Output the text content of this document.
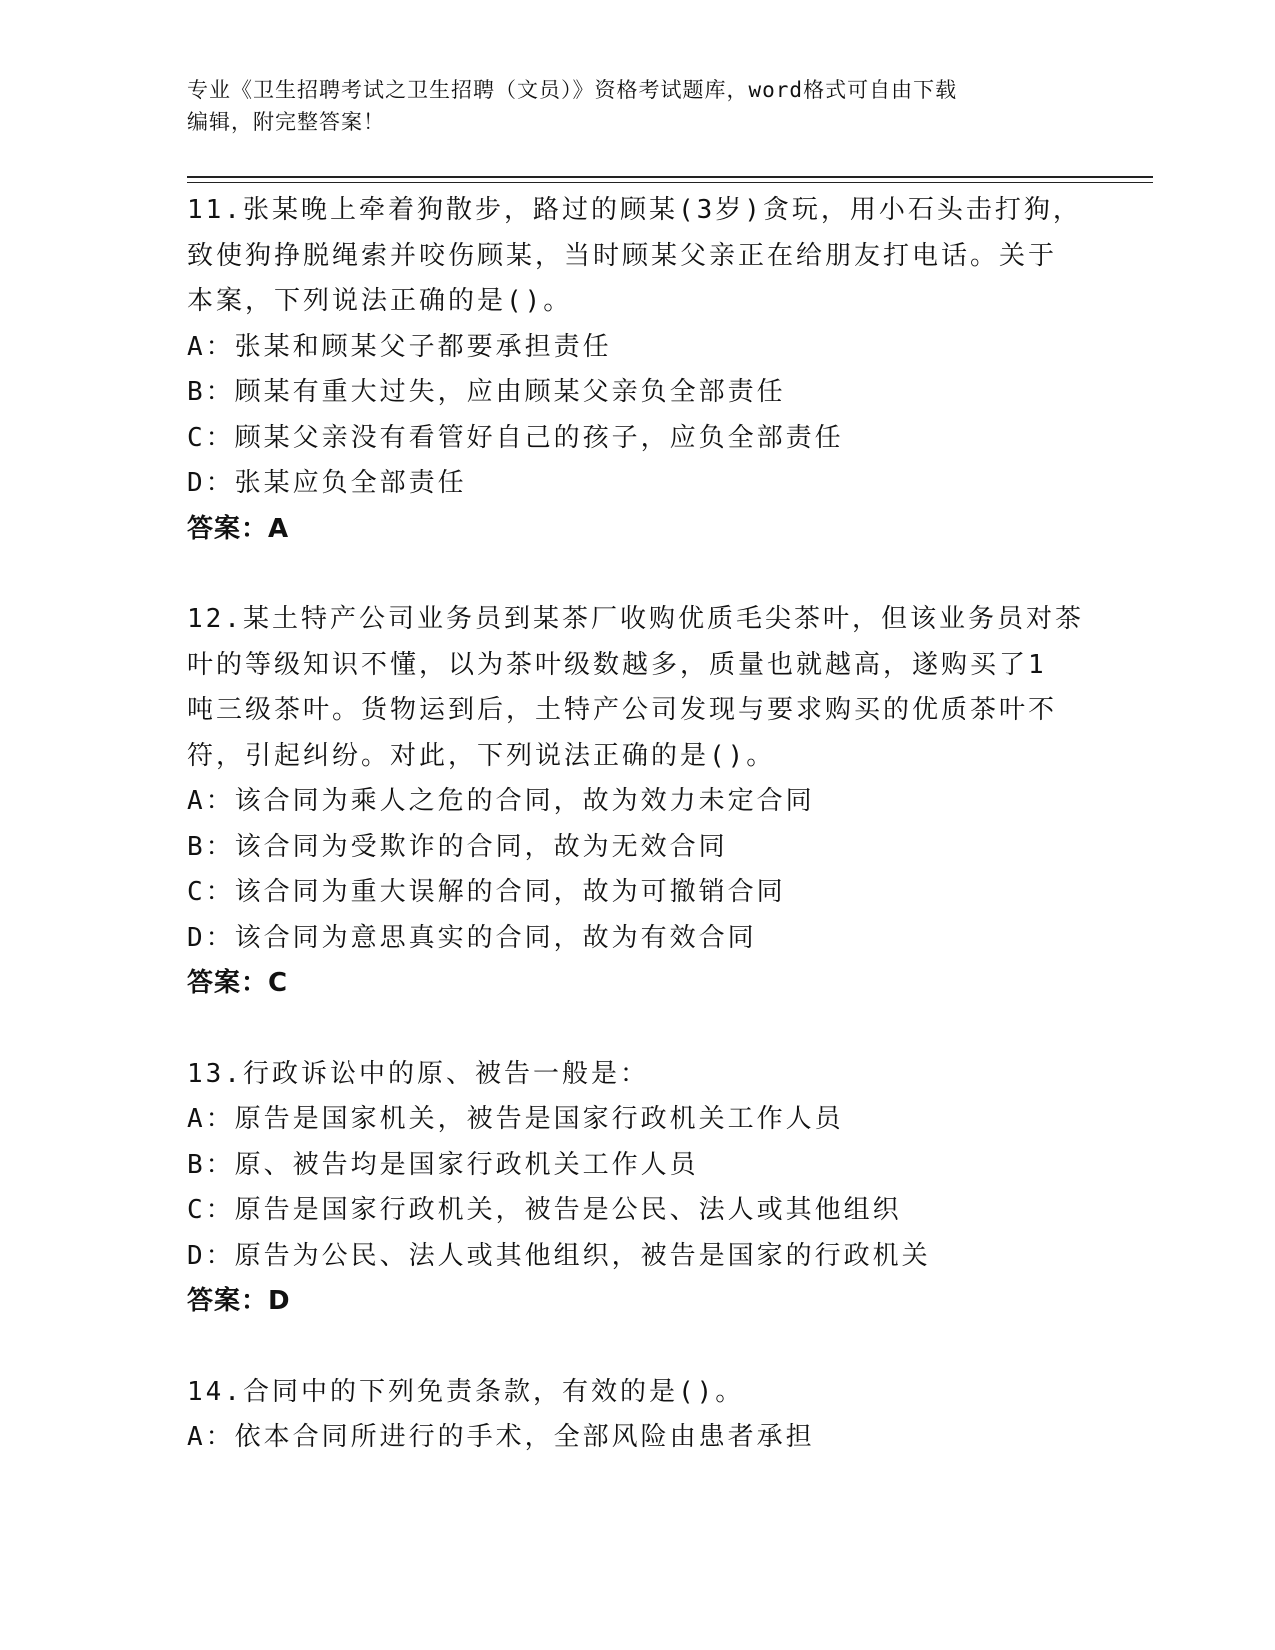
专业《卫生招聘考试之卫生招聘（文员）》资格考试题库，word格式可自由下载
编辑，附完整答案！
11.张某晚上牵着狗散步，路过的顾某(3岁)贪玩，用小石头击打狗，
致使狗挣脱绳索并咬伤顾某，当时顾某父亲正在给朋友打电话。关于
本案，下列说法正确的是()。
A：张某和顾某父子都要承担责任
B：顾某有重大过失，应由顾某父亲负全部责任
C：顾某父亲没有看管好自己的孩子，应负全部责任
D：张某应负全部责任
答案：A
12.某土特产公司业务员到某茶厂收购优质毛尖茶叶，但该业务员对茶
叶的等级知识不懂，以为茶叶级数越多，质量也就越高，遂购买了1
吨三级茶叶。货物运到后，土特产公司发现与要求购买的优质茶叶不
符，引起纠纷。对此，下列说法正确的是()。
A：该合同为乘人之危的合同，故为效力未定合同
B：该合同为受欺诈的合同，故为无效合同
C：该合同为重大误解的合同，故为可撤销合同
D：该合同为意思真实的合同，故为有效合同
答案：C
13.行政诉讼中的原、被告一般是：
A：原告是国家机关，被告是国家行政机关工作人员
B：原、被告均是国家行政机关工作人员
C：原告是国家行政机关，被告是公民、法人或其他组织
D：原告为公民、法人或其他组织，被告是国家的行政机关
答案：D
14.合同中的下列免责条款，有效的是()。
A：依本合同所进行的手术，全部风险由患者承担
